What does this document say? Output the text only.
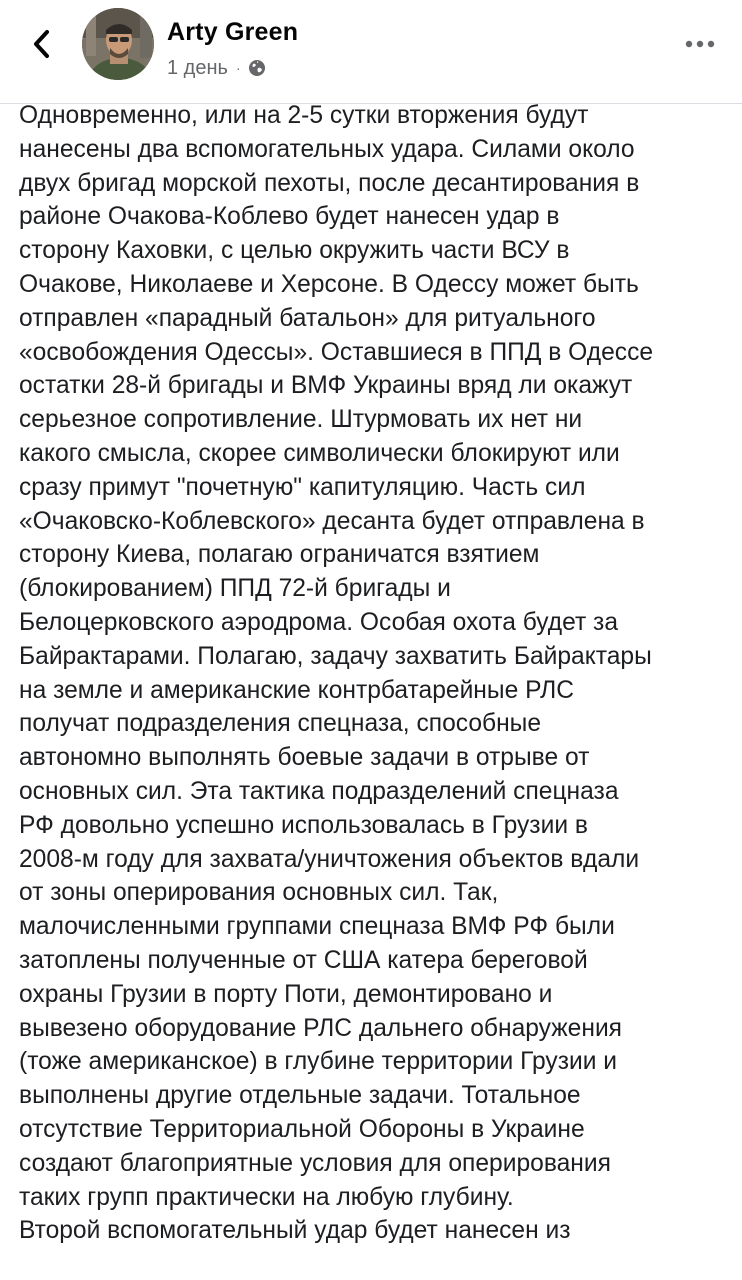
Arty Green
1 день ·

Одновременно, или на 2-5 сутки вторжения будут
нанесены два вспомогательных удара. Силами около
двух бригад морской пехоты, после десантирования в
районе Очакова-Коблево будет нанесен удар в
сторону Каховки, с целью окружить части ВСУ в
Очакове, Николаеве и Херсоне. В Одессу может быть
отправлен «парадный батальон» для ритуального
«освобождения Одессы». Оставшиеся в ППД в Одессе
остатки 28-й бригады и ВМФ Украины вряд ли окажут
серьезное сопротивление. Штурмовать их нет ни
какого смысла, скорее символически блокируют или
сразу примут "почетную" капитуляцию. Часть сил
«Очаковско-Коблевского» десанта будет отправлена в
сторону Киева, полагаю ограничатся взятием
(блокированием) ППД 72-й бригады и
Белоцерковского аэродрома. Особая охота будет за
Байрактарами. Полагаю, задачу захватить Байрактары
на земле и американские контрбатарейные РЛС
получат подразделения спецназа, способные
автономно выполнять боевые задачи в отрыве от
основных сил. Эта тактика подразделений спецназа
РФ довольно успешно использовалась в Грузии в
2008-м году для захвата/уничтожения объектов вдали
от зоны оперирования основных сил. Так,
малочисленными группами спецназа ВМФ РФ были
затоплены полученные от США катера береговой
охраны Грузии в порту Поти, демонтировано и
вывезено оборудование РЛС дальнего обнаружения
(тоже американское) в глубине территории Грузии и
выполнены другие отдельные задачи. Тотальное
отсутствие Территориальной Обороны в Украине
создают благоприятные условия для оперирования
таких групп практически на любую глубину.
Второй вспомогательный удар будет нанесен из
